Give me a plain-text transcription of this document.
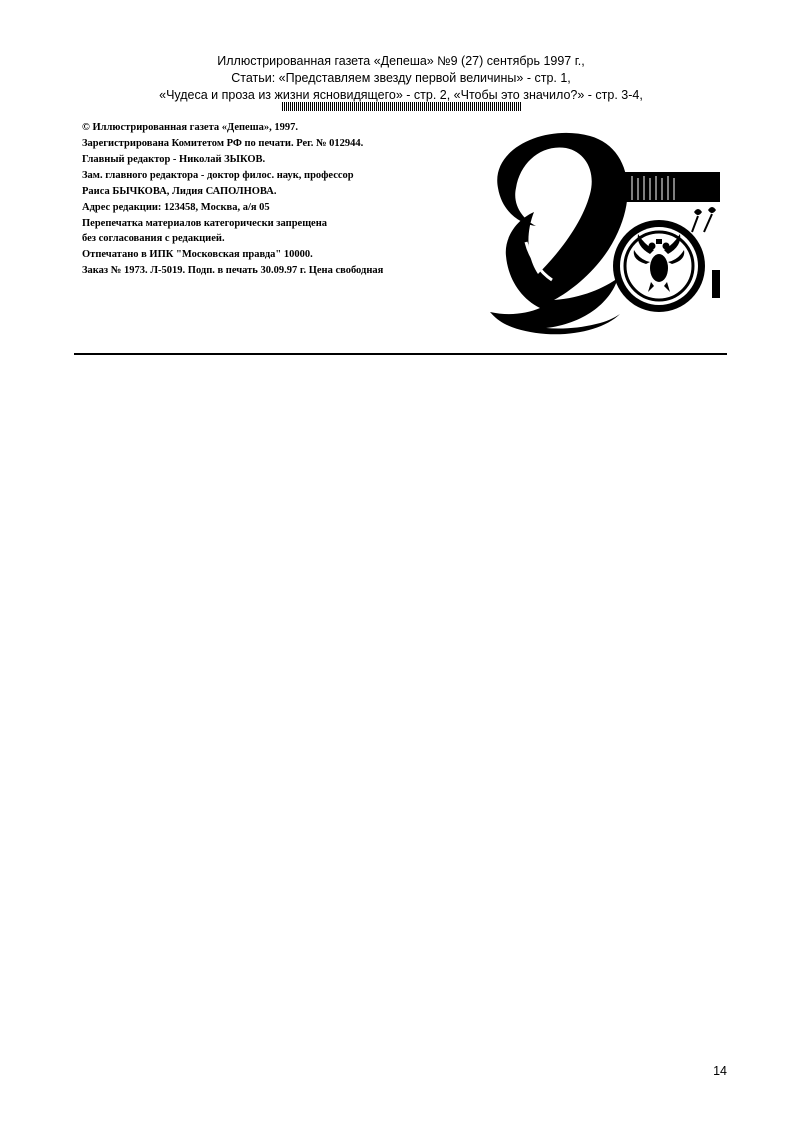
Иллюстрированная газета «Депеша» №9 (27) сентябрь 1997 г.,
Статьи: «Представляем звезду первой величины» - стр. 1,
«Чудеса и проза из жизни ясновидящего» - стр. 2, «Чтобы это значило?» - стр. 3-4,
© Иллюстрированная газета «Депеша», 1997.
Зарегистрирована Комитетом РФ по печати. Рег. № 012944.
Главный редактор - Николай ЗЫКОВ.
Зам. главного редактора - доктор филос. наук, профессор
Раиса БЫЧКОВА, Лидия САПОЛНОВА.
Адрес редакции: 123458, Москва, а/я 05
Перепечатка материалов категорически запрещена
без согласования с редакцией.
Отпечатано в ИПК "Московская правда" 10000.
Заказ № 1973. Л-5019. Подп. в печать 30.09.97 г. Цена свободная
14
